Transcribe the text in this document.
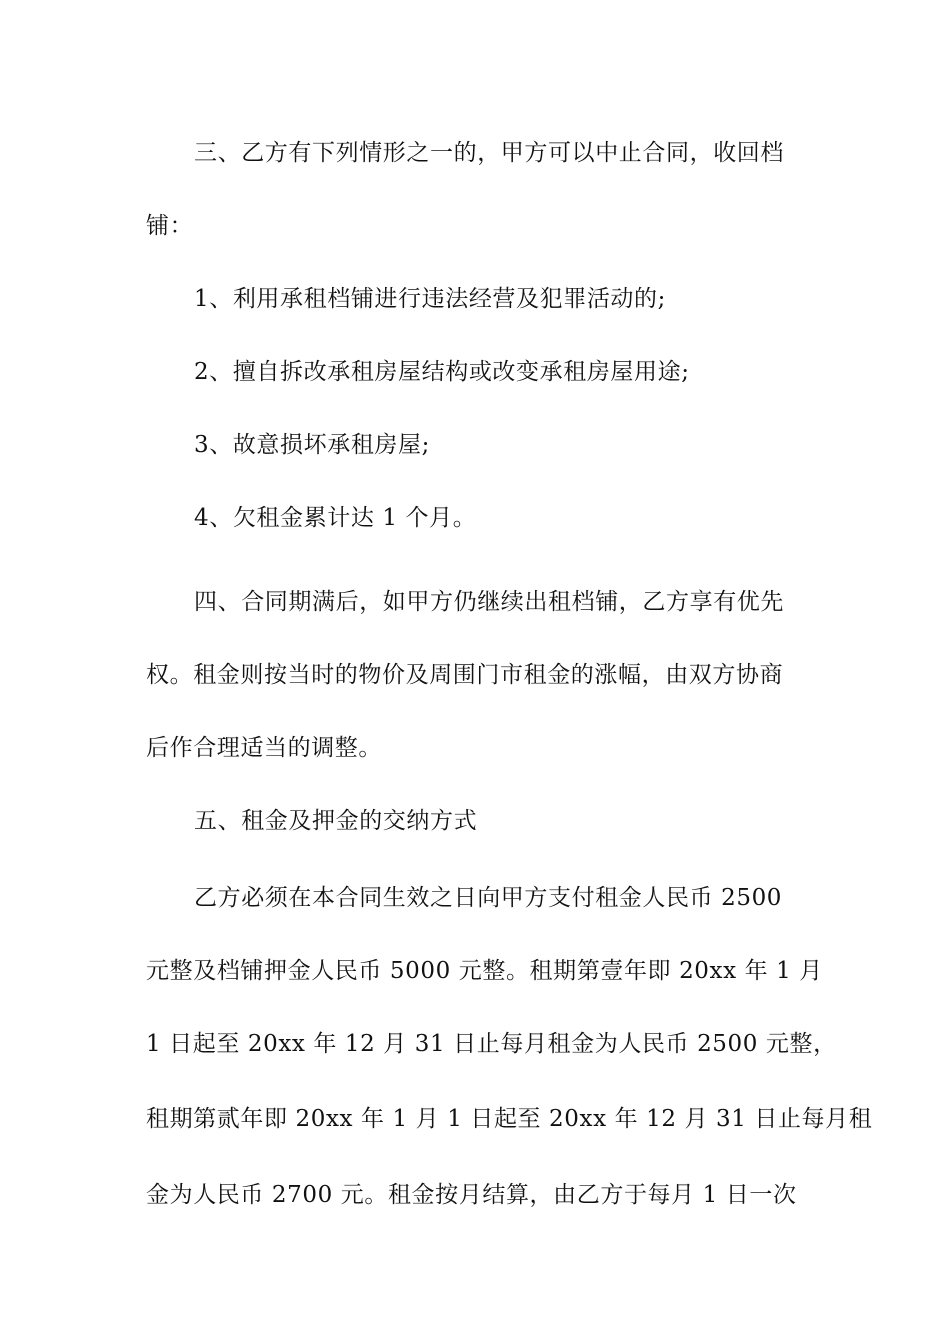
三、乙方有下列情形之一的，甲方可以中止合同，收回档
铺：
1、利用承租档铺进行违法经营及犯罪活动的;
2、擅自拆改承租房屋结构或改变承租房屋用途;
3、故意损坏承租房屋;
4、欠租金累计达 1 个月。
四、合同期满后，如甲方仍继续出租档铺，乙方享有优先
权。租金则按当时的物价及周围门市租金的涨幅，由双方协商
后作合理适当的调整。
五、租金及押金的交纳方式
乙方必须在本合同生效之日向甲方支付租金人民币 2500
元整及档铺押金人民币 5000 元整。租期第壹年即 20xx 年 1 月
1 日起至 20xx 年 12 月 31 日止每月租金为人民币 2500 元整，
租期第贰年即 20xx 年 1 月 1 日起至 20xx 年 12 月 31 日止每月租
金为人民币 2700 元。租金按月结算，由乙方于每月 1 日一次
